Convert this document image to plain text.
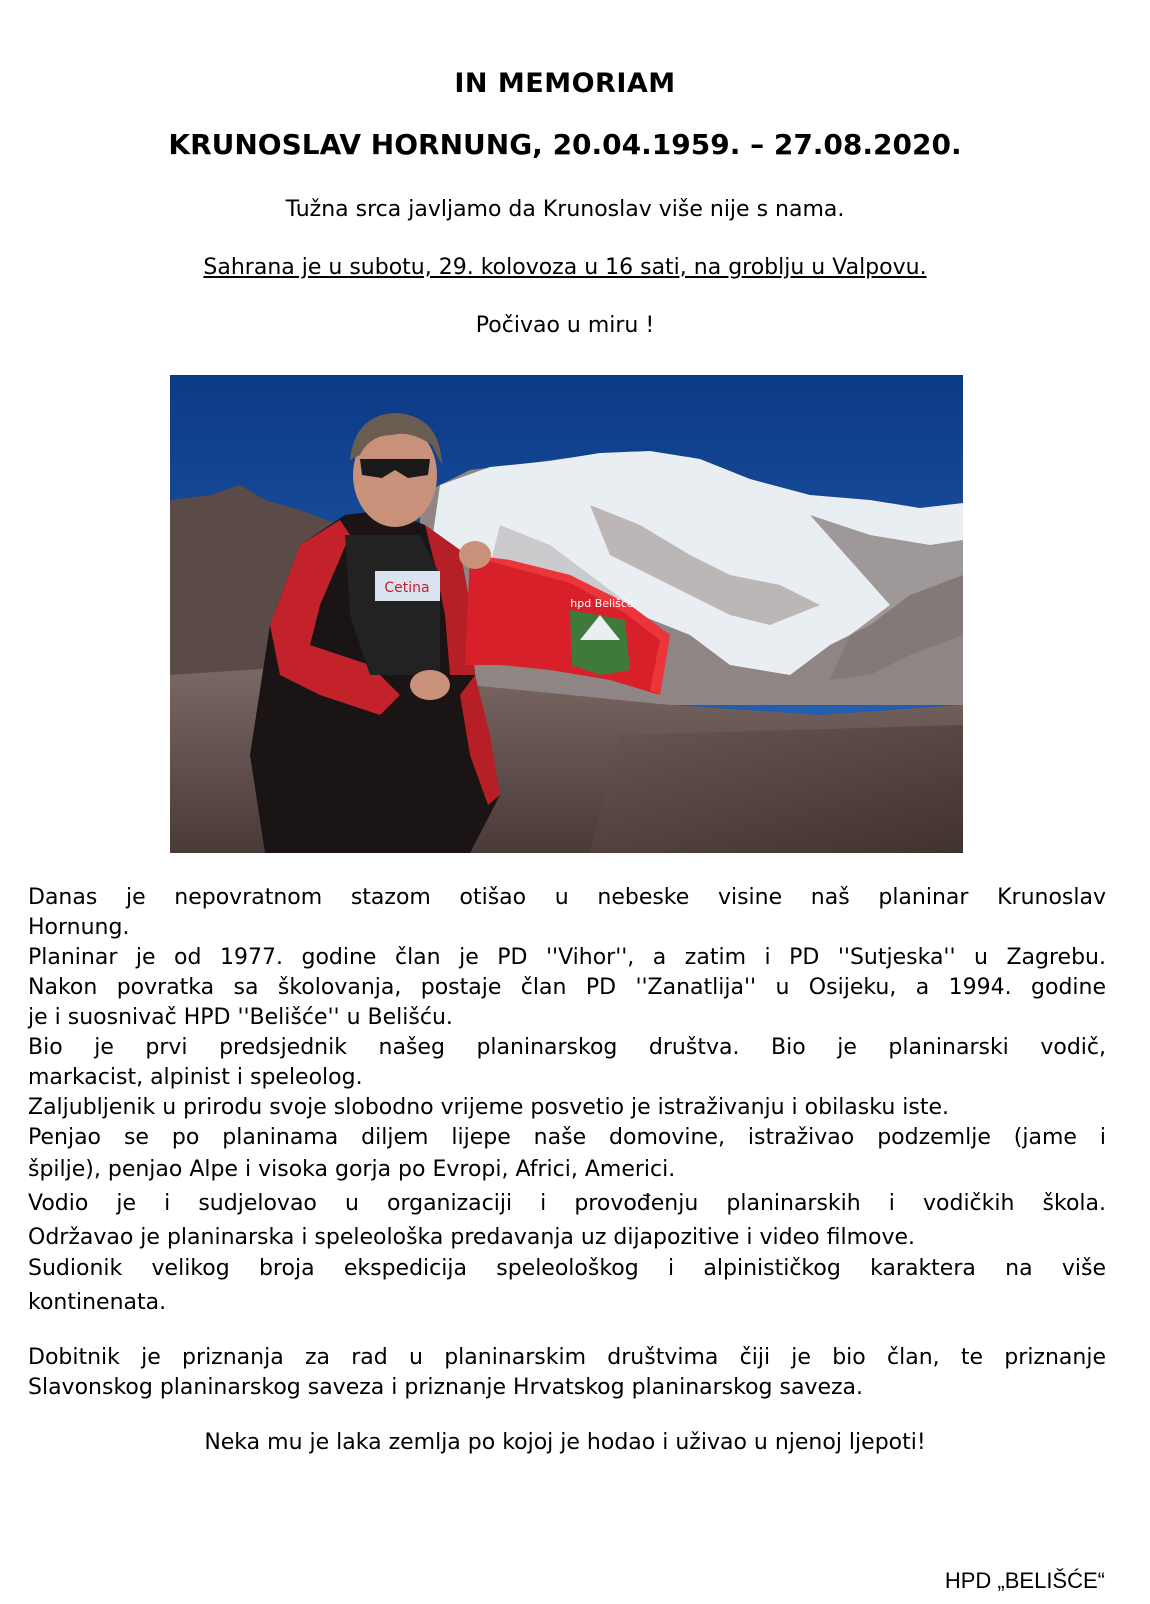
IN MEMORIAM
KRUNOSLAV HORNUNG, 20.04.1959. – 27.08.2020.
Tužna srca javljamo da Krunoslav više nije s nama.
Sahrana je u subotu, 29. kolovoza u 16 sati, na groblju u Valpovu.
Počivao u miru !
Cetina
hpd Belišće
Danas je nepovratnom stazom otišao u nebeske visine naš planinar Krunoslav
Hornung.
Planinar je od 1977. godine član je PD ''Vihor'', a zatim i PD ''Sutjeska'' u Zagrebu.
Nakon povratka sa školovanja, postaje član PD ''Zanatlija'' u Osijeku, a 1994. godine
je i suosnivač HPD ''Belišće'' u Belišću.
Bio je prvi predsjednik našeg planinarskog društva. Bio je planinarski vodič,
markacist, alpinist i speleolog.
Zaljubljenik u prirodu svoje slobodno vrijeme posvetio je istraživanju i obilasku iste.
Penjao se po planinama diljem lijepe naše domovine, istraživao podzemlje (jame i
špilje), penjao Alpe i visoka gorja po Evropi, Africi, Americi.
Vodio je i sudjelovao u organizaciji i provođenju planinarskih i vodičkih škola.
Održavao je planinarska i speleološka predavanja uz dijapozitive i video filmove.
Sudionik velikog broja ekspedicija speleološkog i alpinističkog karaktera na više
kontinenata.
Dobitnik je priznanja za rad u planinarskim društvima čiji je bio član, te priznanje
Slavonskog planinarskog saveza i priznanje Hrvatskog planinarskog saveza.
Neka mu je laka zemlja po kojoj je hodao i uživao u njenoj ljepoti!
HPD „BELIŠĆE“
